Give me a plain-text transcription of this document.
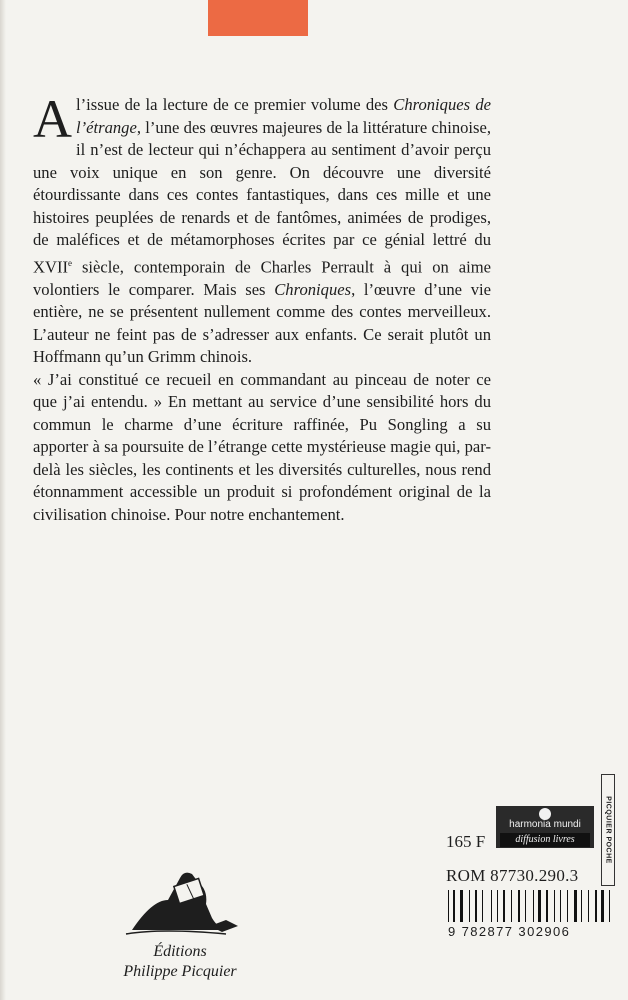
Al’issue de la lecture de ce premier volume des Chroniques de l’étrange, l’une des œuvres majeures de la littérature chinoise, il n’est de lecteur qui n’échappera au sentiment d’avoir perçu une voix unique en son genre. On découvre une diversité étourdissante dans ces contes fantastiques, dans ces mille et une histoires peuplées de renards et de fantômes, animées de prodiges, de maléfices et de métamorphoses écrites par ce génial lettré du XVIIe siècle, contemporain de Charles Perrault à qui on aime volontiers le comparer. Mais ses Chroniques, l’œuvre d’une vie entière, ne se présentent nullement comme des contes merveilleux. L’auteur ne feint pas de s’adresser aux enfants. Ce serait plutôt un Hoffmann qu’un Grimm chinois.

« J’ai constitué ce recueil en commandant au pinceau de noter ce que j’ai entendu. » En mettant au service d’une sensibilité hors du commun le charme d’une écriture raffinée, Pu Songling a su apporter à sa poursuite de l’étrange cette mystérieuse magie qui, par-delà les siècles, les continents et les diversités culturelles, nous rend étonnamment accessible un produit si profondément original de la civilisation chinoise. Pour notre enchantement.

PICQUIER POCHE
harmonia mundi
diffusion livres
165 F
ROM 87730.290.3
9 782877 302906
Éditions
Philippe Picquier
